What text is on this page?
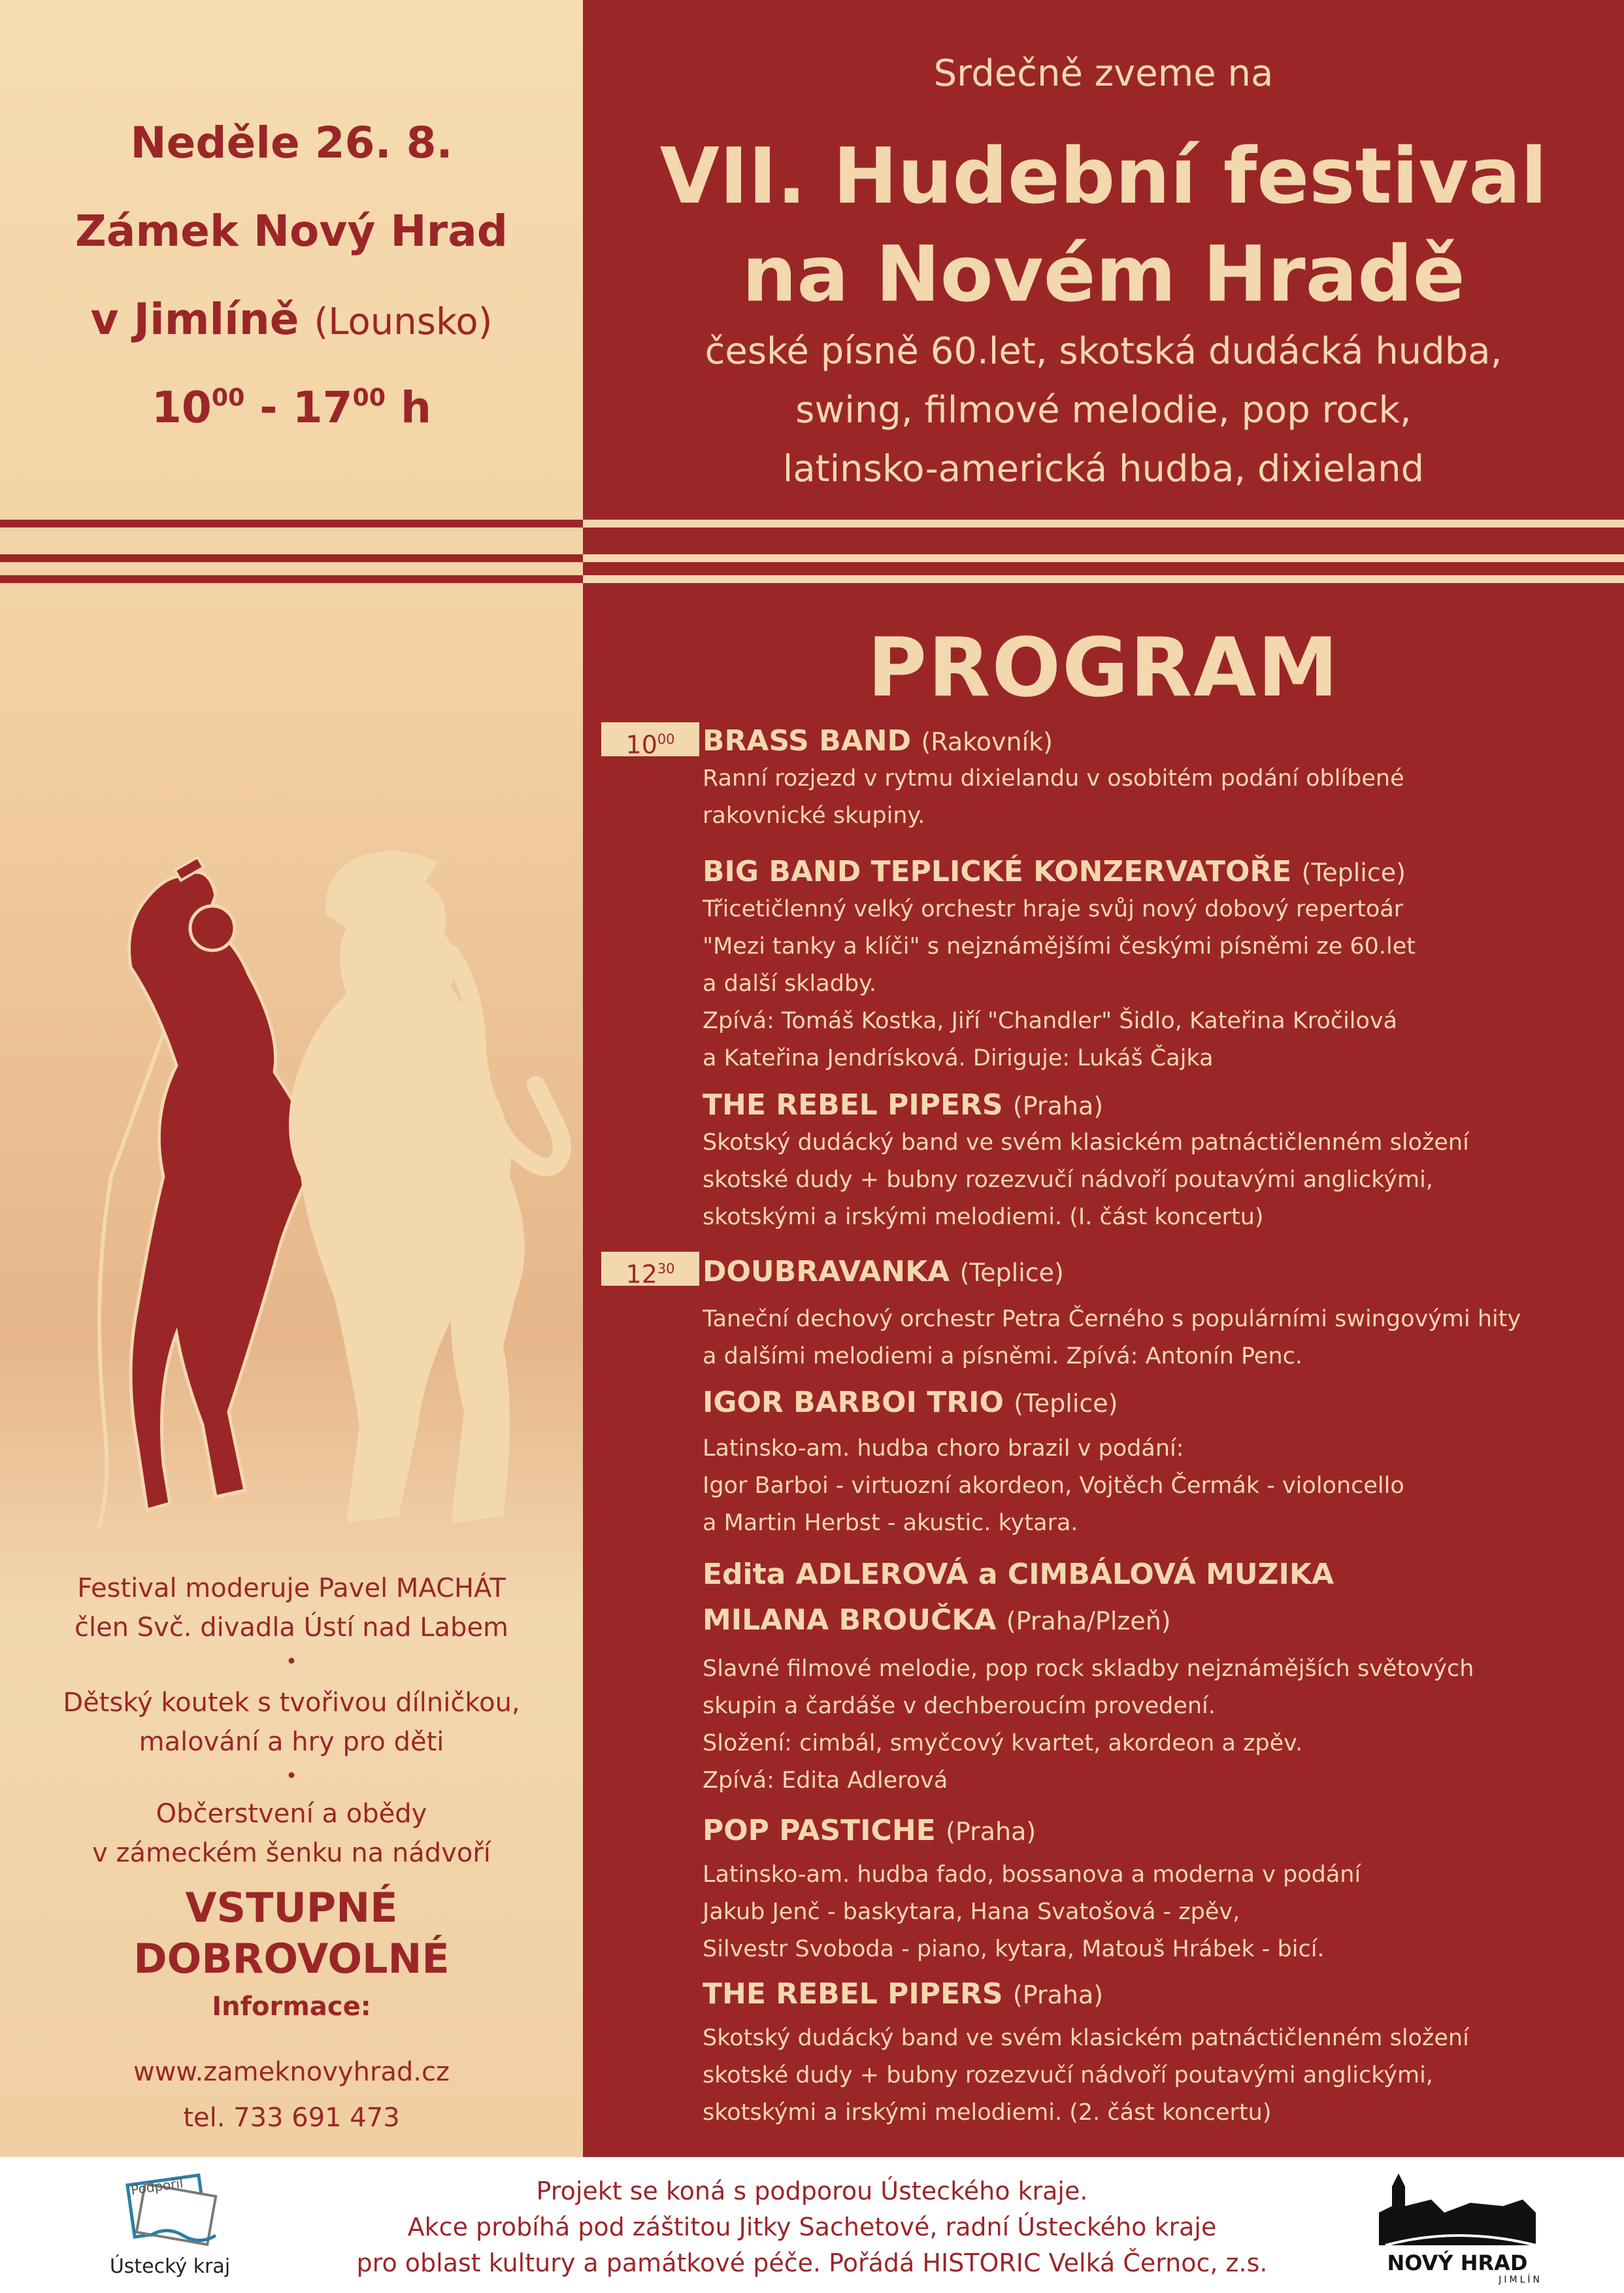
Neděle 26. 8.
Zámek Nový Hrad
v Jimlíně (Lounsko)
$10^{00} - 17^{00}$ h
Srdečně zveme na
VII. Hudební festival
na Novém Hradě
české písně 60.let, skotská dudácká hudba,
swing, filmové melodie, pop rock,
latinsko-americká hudba, dixieland
PROGRAM
$10^{00}$
$12^{30}$
BRASS BAND (Rakovník)
Ranní rozjezd v rytmu dixielandu v osobitém podání oblíbené
rakovnické skupiny.
BIG BAND TEPLICKÉ KONZERVATOŘE (Teplice)
Třicetičlenný velký orchestr hraje svůj nový dobový repertoár
"Mezi tanky a klíči" s nejznámějšími českými písněmi ze 60.let
a další skladby.
Zpívá: Tomáš Kostka, Jiří "Chandler" Šidlo, Kateřina Kročilová
a Kateřina Jendrísková. Diriguje: Lukáš Čajka
THE REBEL PIPERS (Praha)
Skotský dudácký band ve svém klasickém patnáctičlenném složení
skotské dudy + bubny rozezvučí nádvoří poutavými anglickými,
skotskými a irskými melodiemi. (I. část koncertu)
DOUBRAVANKA (Teplice)
Taneční dechový orchestr Petra Černého s populárními swingovými hity
a dalšími melodiemi a písněmi. Zpívá: Antonín Penc.
IGOR BARBOI TRIO (Teplice)
Latinsko-am. hudba choro brazil v podání:
Igor Barboi - virtuozní akordeon, Vojtěch Čermák - violoncello
a Martin Herbst - akustic. kytara.
Edita ADLEROVÁ a CIMBÁLOVÁ MUZIKA
MILANA BROUČKA (Praha/Plzeň)
Slavné filmové melodie, pop rock skladby nejznámějších světových
skupin a čardáše v dechberoucím provedení.
Složení: cimbál, smyčcový kvartet, akordeon a zpěv.
Zpívá: Edita Adlerová
POP PASTICHE (Praha)
Latinsko-am. hudba fado, bossanova a moderna v podání
Jakub Jenč - baskytara, Hana Svatošová - zpěv,
Silvestr Svoboda - piano, kytara, Matouš Hrábek - bicí.
THE REBEL PIPERS (Praha)
Skotský dudácký band ve svém klasickém patnáctičlenném složení
skotské dudy + bubny rozezvučí nádvoří poutavými anglickými,
skotskými a irskými melodiemi. (2. část koncertu)
Festival moderuje Pavel MACHÁT
člen Svč. divadla Ústí nad Labem
•
Dětský koutek s tvořivou dílničkou,
malování a hry pro děti
•
Občerstvení a obědy
v zámeckém šenku na nádvoří
VSTUPNÉ
DOBROVOLNÉ
Informace:
www.zameknovyhrad.cz
tel. 733 691 473
Projekt se koná s podporou Ústeckého kraje.
Akce probíhá pod záštitou Jitky Sachetové, radní Ústeckého kraje
pro oblast kultury a památkové péče. Pořádá HISTORIC Velká Černoc, z.s.
Podpořil
Ústecký kraj	NOVÝ HRAD
JIMLÍN
